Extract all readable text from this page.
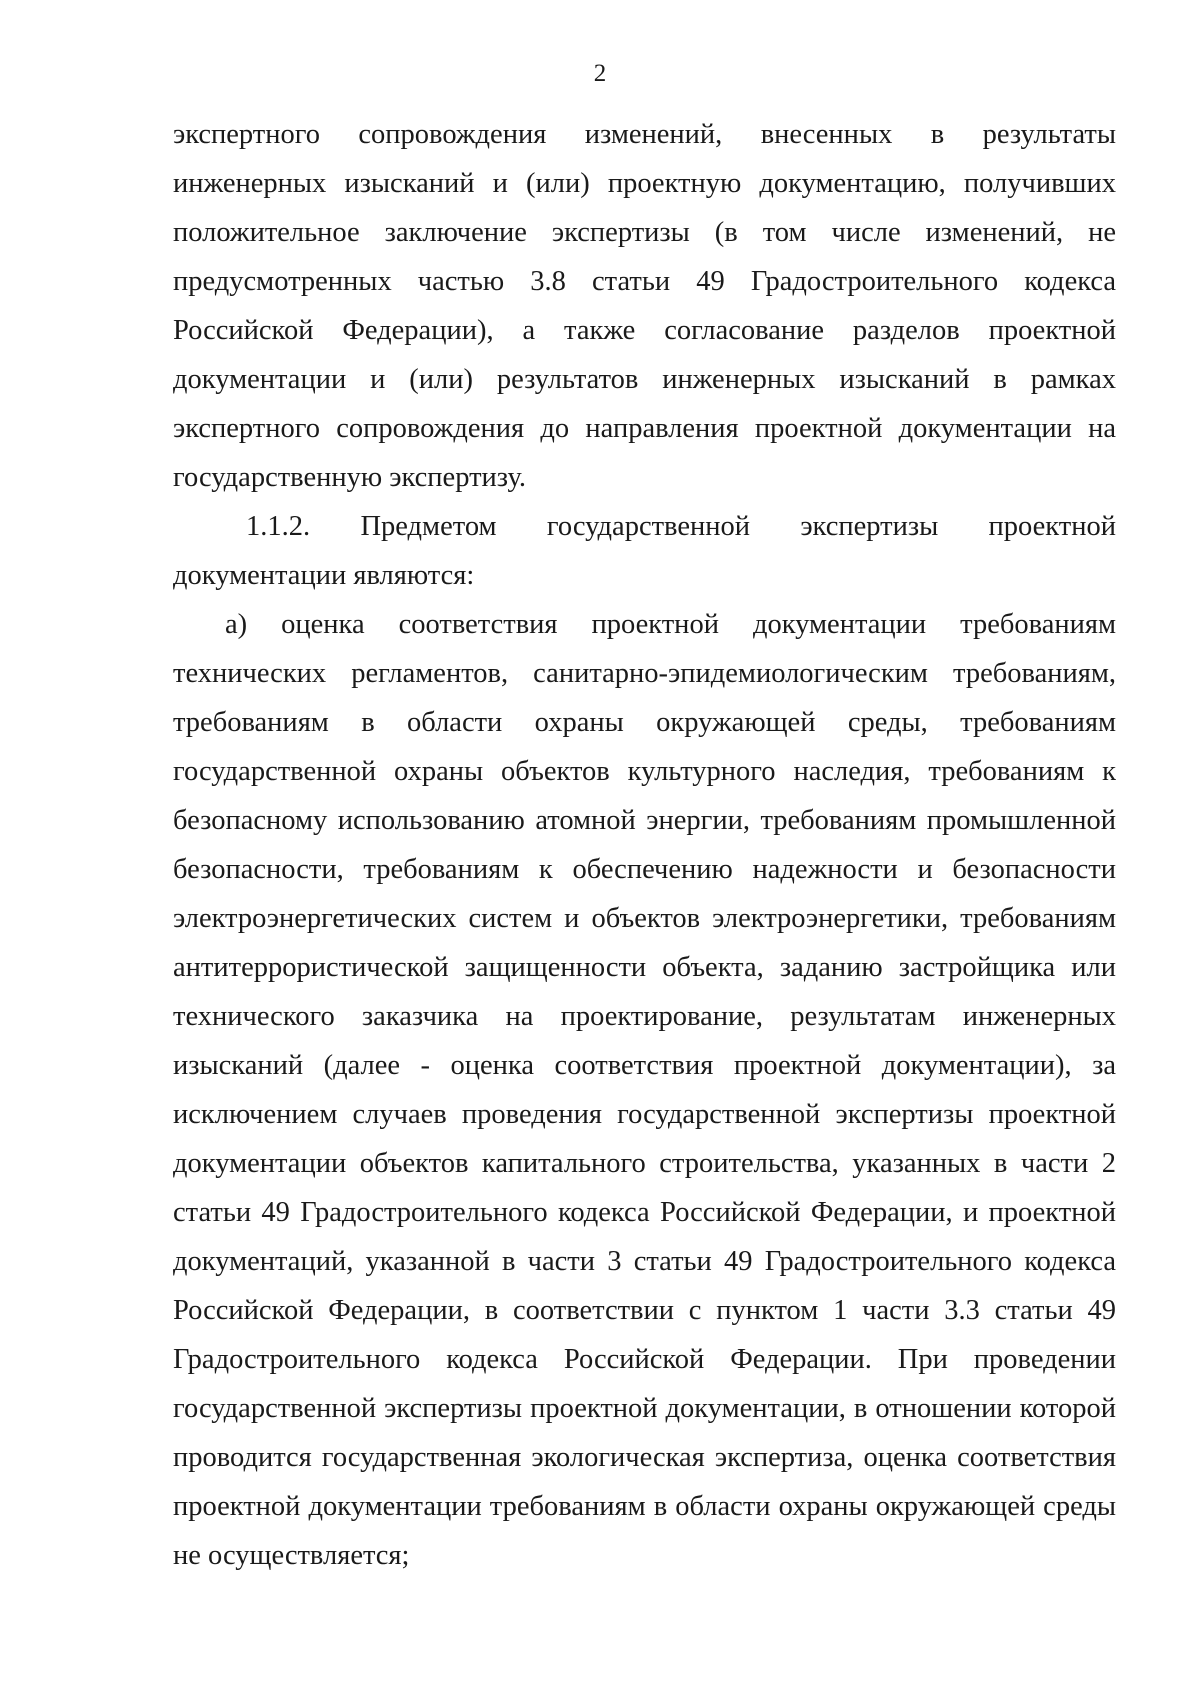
2

экспертного сопровождения изменений, внесенных в результаты инженерных изысканий и (или) проектную документацию, получивших положительное заключение экспертизы (в том числе изменений, не предусмотренных частью 3.8 статьи 49 Градостроительного кодекса Российской Федерации), а также согласование разделов проектной документации и (или) результатов инженерных изысканий в рамках экспертного сопровождения до направления проектной документации на государственную экспертизу.

1.1.2. Предметом государственной экспертизы проектной документации являются:

а) оценка соответствия проектной документации требованиям технических регламентов, санитарно-эпидемиологическим требованиям, требованиям в области охраны окружающей среды, требованиям государственной охраны объектов культурного наследия, требованиям к безопасному использованию атомной энергии, требованиям промышленной безопасности, требованиям к обеспечению надежности и безопасности электроэнергетических систем и объектов электроэнергетики, требованиям антитеррористической защищенности объекта, заданию застройщика или технического заказчика на проектирование, результатам инженерных изысканий (далее - оценка соответствия проектной документации), за исключением случаев проведения государственной экспертизы проектной документации объектов капитального строительства, указанных в части 2 статьи 49 Градостроительного кодекса Российской Федерации, и проектной документаций, указанной в части 3 статьи 49 Градостроительного кодекса Российской Федерации, в соответствии с пунктом 1 части 3.3 статьи 49 Градостроительного кодекса Российской Федерации. При проведении государственной экспертизы проектной документации, в отношении которой проводится государственная экологическая экспертиза, оценка соответствия проектной документации требованиям в области охраны окружающей среды не осуществляется;
